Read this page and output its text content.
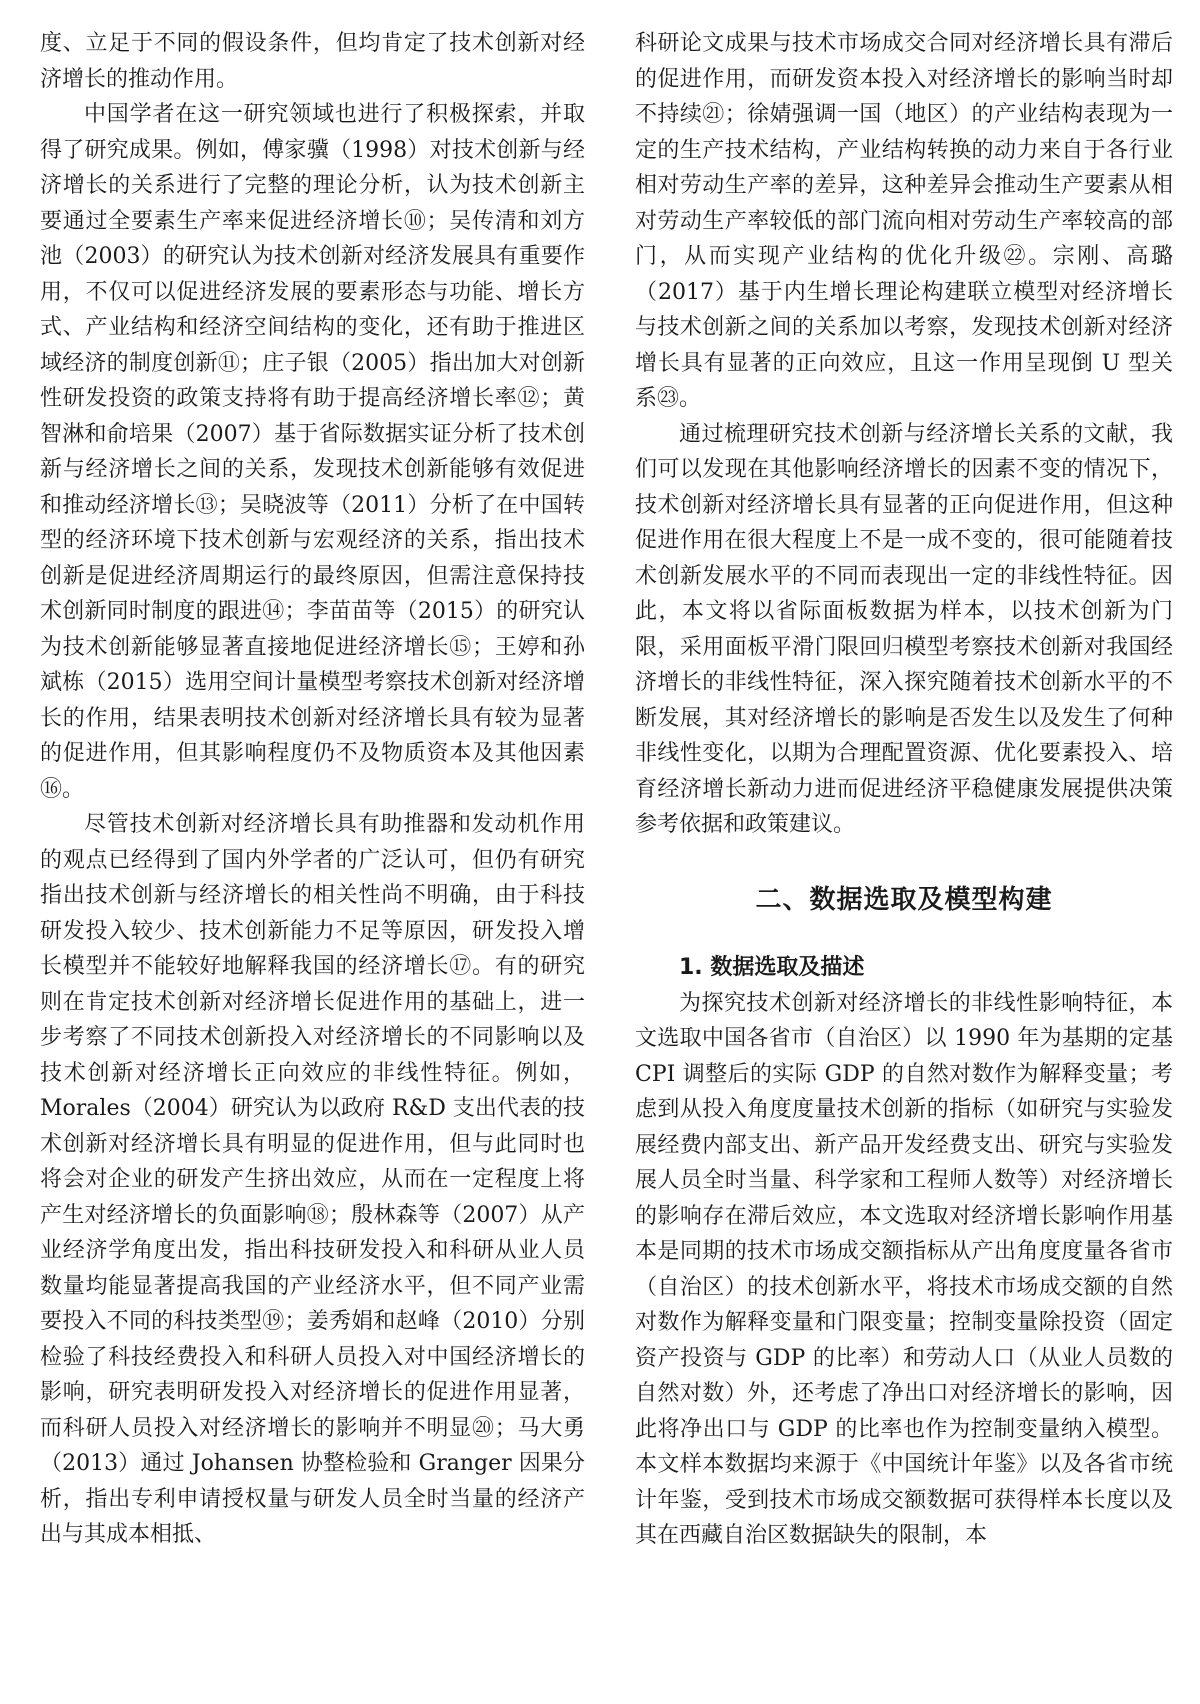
度、立足于不同的假设条件，但均肯定了技术创新对经济增长的推动作用。

中国学者在这一研究领域也进行了积极探索，并取得了研究成果。例如，傅家骥（1998）对技术创新与经济增长的关系进行了完整的理论分析，认为技术创新主要通过全要素生产率来促进经济增长⑩；吴传清和刘方池（2003）的研究认为技术创新对经济发展具有重要作用，不仅可以促进经济发展的要素形态与功能、增长方式、产业结构和经济空间结构的变化，还有助于推进区域经济的制度创新⑪；庄子银（2005）指出加大对创新性研发投资的政策支持将有助于提高经济增长率⑫；黄智淋和俞培果（2007）基于省际数据实证分析了技术创新与经济增长之间的关系，发现技术创新能够有效促进和推动经济增长⑬；吴晓波等（2011）分析了在中国转型的经济环境下技术创新与宏观经济的关系，指出技术创新是促进经济周期运行的最终原因，但需注意保持技术创新同时制度的跟进⑭；李苗苗等（2015）的研究认为技术创新能够显著直接地促进经济增长⑮；王婷和孙斌栋（2015）选用空间计量模型考察技术创新对经济增长的作用，结果表明技术创新对经济增长具有较为显著的促进作用，但其影响程度仍不及物质资本及其他因素⑯。

尽管技术创新对经济增长具有助推器和发动机作用的观点已经得到了国内外学者的广泛认可，但仍有研究指出技术创新与经济增长的相关性尚不明确，由于科技研发投入较少、技术创新能力不足等原因，研发投入增长模型并不能较好地解释我国的经济增长⑰。有的研究则在肯定技术创新对经济增长促进作用的基础上，进一步考察了不同技术创新投入对经济增长的不同影响以及技术创新对经济增长正向效应的非线性特征。例如，Morales（2004）研究认为以政府 R&D 支出代表的技术创新对经济增长具有明显的促进作用，但与此同时也将会对企业的研发产生挤出效应，从而在一定程度上将产生对经济增长的负面影响⑱；殷林森等（2007）从产业经济学角度出发，指出科技研发投入和科研从业人员数量均能显著提高我国的产业经济水平，但不同产业需要投入不同的科技类型⑲；姜秀娟和赵峰（2010）分别检验了科技经费投入和科研人员投入对中国经济增长的影响，研究表明研发投入对经济增长的促进作用显著，而科研人员投入对经济增长的影响并不明显⑳；马大勇（2013）通过 Johansen 协整检验和 Granger 因果分析，指出专利申请授权量与研发人员全时当量的经济产出与其成本相抵、

科研论文成果与技术市场成交合同对经济增长具有滞后的促进作用，而研发资本投入对经济增长的影响当时却不持续㉑；徐婧强调一国（地区）的产业结构表现为一定的生产技术结构，产业结构转换的动力来自于各行业相对劳动生产率的差异，这种差异会推动生产要素从相对劳动生产率较低的部门流向相对劳动生产率较高的部门，从而实现产业结构的优化升级㉒。宗刚、高璐（2017）基于内生增长理论构建联立模型对经济增长与技术创新之间的关系加以考察，发现技术创新对经济增长具有显著的正向效应，且这一作用呈现倒 U 型关系㉓。

通过梳理研究技术创新与经济增长关系的文献，我们可以发现在其他影响经济增长的因素不变的情况下，技术创新对经济增长具有显著的正向促进作用，但这种促进作用在很大程度上不是一成不变的，很可能随着技术创新发展水平的不同而表现出一定的非线性特征。因此，本文将以省际面板数据为样本，以技术创新为门限，采用面板平滑门限回归模型考察技术创新对我国经济增长的非线性特征，深入探究随着技术创新水平的不断发展，其对经济增长的影响是否发生以及发生了何种非线性变化，以期为合理配置资源、优化要素投入、培育经济增长新动力进而促进经济平稳健康发展提供决策参考依据和政策建议。

二、数据选取及模型构建

1. 数据选取及描述

为探究技术创新对经济增长的非线性影响特征，本文选取中国各省市（自治区）以 1990 年为基期的定基 CPI 调整后的实际 GDP 的自然对数作为解释变量；考虑到从投入角度度量技术创新的指标（如研究与实验发展经费内部支出、新产品开发经费支出、研究与实验发展人员全时当量、科学家和工程师人数等）对经济增长的影响存在滞后效应，本文选取对经济增长影响作用基本是同期的技术市场成交额指标从产出角度度量各省市（自治区）的技术创新水平，将技术市场成交额的自然对数作为解释变量和门限变量；控制变量除投资（固定资产投资与 GDP 的比率）和劳动人口（从业人员数的自然对数）外，还考虑了净出口对经济增长的影响，因此将净出口与 GDP 的比率也作为控制变量纳入模型。本文样本数据均来源于《中国统计年鉴》以及各省市统计年鉴，受到技术市场成交额数据可获得样本长度以及其在西藏自治区数据缺失的限制，本
